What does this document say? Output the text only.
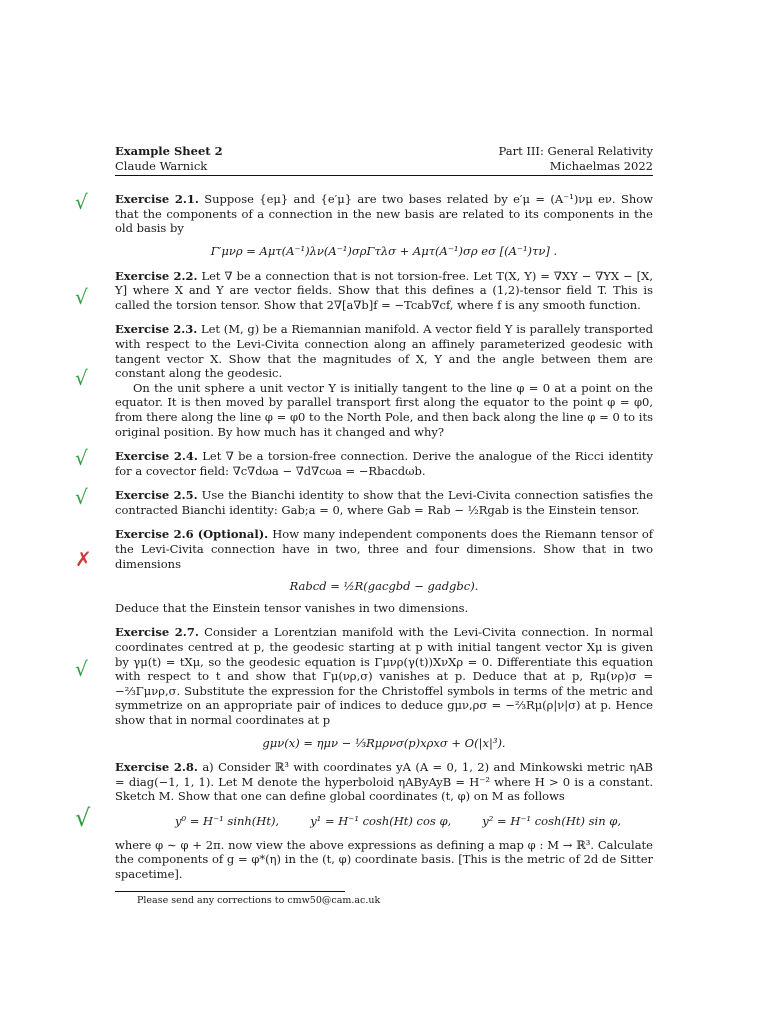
Example Sheet 2
Claude Warnick
Part III: General Relativity
Michaelmas 2022
√ Exercise 2.1. Suppose {eμ} and {e′μ} are two bases related by e′μ = (A⁻¹)νμ eν. Show that the components of a connection in the new basis are related to its components in the old basis by

Γ′μνρ = Aμτ(A⁻¹)λν(A⁻¹)σρΓτλσ + Aμτ(A⁻¹)σρ eσ [(A⁻¹)τν] .
√

Exercise 2.2. Let ∇ be a connection that is not torsion-free. Let T(X, Y) = ∇XY − ∇YX − [X, Y] where X and Y are vector fields. Show that this defines a (1,2)-tensor field T. This is called the torsion tensor. Show that 2∇[a∇b]f = −Tcab∇cf, where f is any smooth function.

√

Exercise 2.3. Let (M, g) be a Riemannian manifold. A vector field Y is parallely transported with respect to the Levi-Civita connection along an affinely parameterized geodesic with tangent vector X. Show that the magnitudes of X, Y and the angle between them are constant along the geodesic.

On the unit sphere a unit vector Y is initially tangent to the line φ = 0 at a point on the equator. It is then moved by parallel transport first along the equator to the point φ = φ0, from there along the line φ = φ0 to the North Pole, and then back along the line φ = 0 to its original position. By how much has it changed and why?

√ Exercise 2.4. Let ∇ be a torsion-free connection. Derive the analogue of the Ricci identity for a covector field: ∇c∇dωa − ∇d∇cωa = −Rbacdωb.

√ Exercise 2.5. Use the Bianchi identity to show that the Levi-Civita connection satisfies the contracted Bianchi identity: Gab;a = 0, where Gab = Rab − ½Rgab is the Einstein tensor.

✗

Exercise 2.6 (Optional). How many independent components does the Riemann tensor of the Levi-Civita connection have in two, three and four dimensions. Show that in two dimensions

Rabcd = ½R(gacgbd − gadgbc).

Deduce that the Einstein tensor vanishes in two dimensions.

√

Exercise 2.7. Consider a Lorentzian manifold with the Levi-Civita connection. In normal coordinates centred at p, the geodesic starting at p with initial tangent vector Xμ is given by γμ(t) = tXμ, so the geodesic equation is Γμνρ(γ(t))XνXρ = 0. Differentiate this equation with respect to t and show that Γμ(νρ,σ) vanishes at p. Deduce that at p, Rμ(νρ)σ = −⅔Γμνρ,σ. Substitute the expression for the Christoffel symbols in terms of the metric and symmetrize on an appropriate pair of indices to deduce gμν,ρσ = −⅔Rμ(ρ|ν|σ) at p. Hence show that in normal coordinates at p

gμν(x) = ημν − ⅓Rμρνσ(p)xρxσ + O(|x|³).
√

Exercise 2.8. a) Consider ℝ³ with coordinates yA (A = 0, 1, 2) and Minkowski metric ηAB = diag(−1, 1, 1). Let M denote the hyperboloid ηAByAyB = H⁻² where H > 0 is a constant. Sketch M. Show that one can define global coordinates (t, φ) on M as follows

y⁰ = H⁻¹ sinh(Ht),	y¹ = H⁻¹ cosh(Ht) cos φ,	y² = H⁻¹ cosh(Ht) sin φ,

where φ ∼ φ + 2π. now view the above expressions as defining a map φ : M → ℝ³. Calculate the components of g = φ*(η) in the (t, φ) coordinate basis. [This is the metric of 2d de Sitter spacetime].

Please send any corrections to cmw50@cam.ac.uk
